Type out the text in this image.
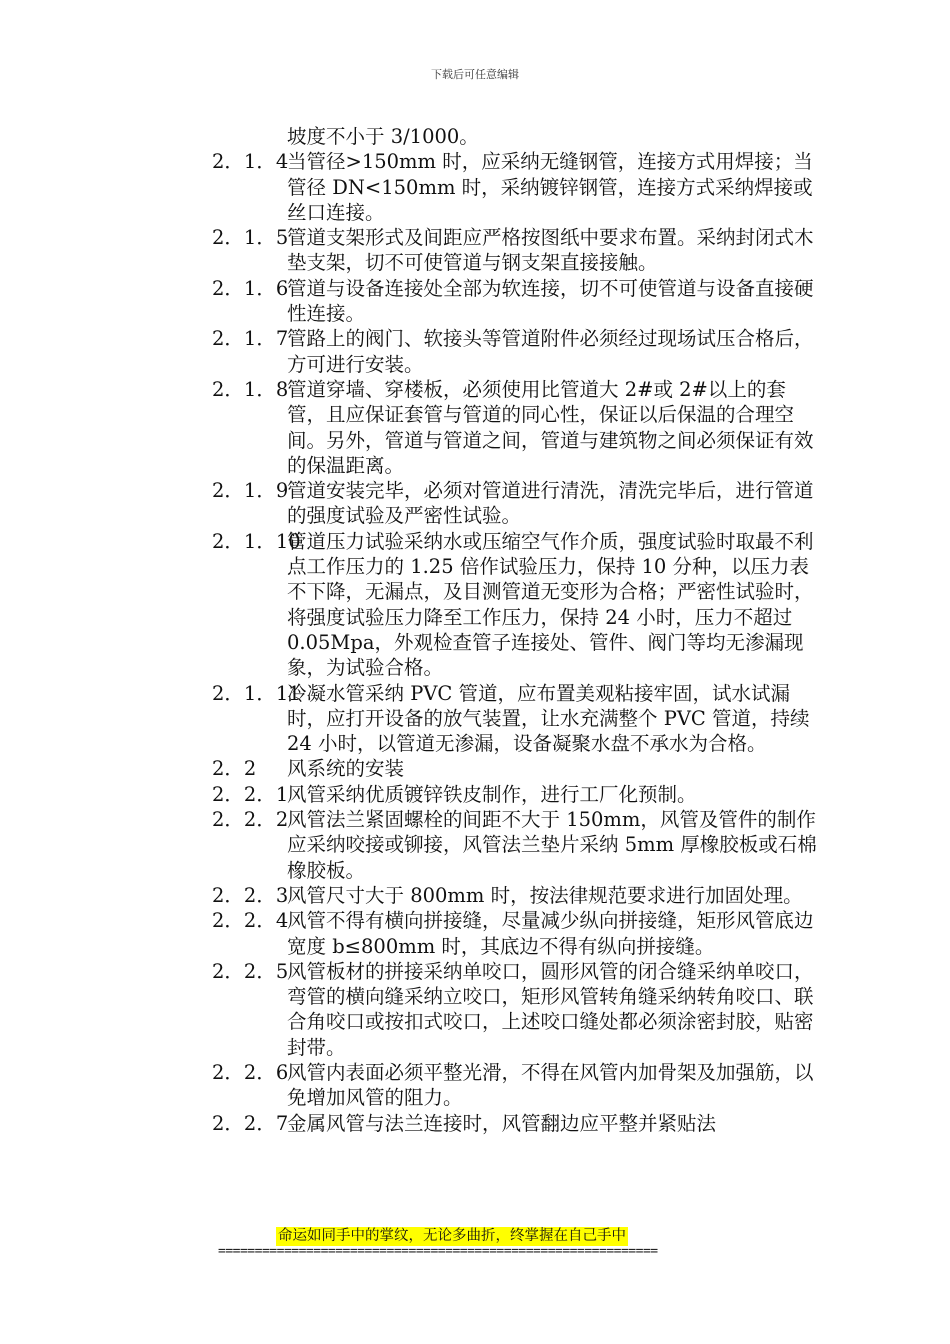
下载后可任意编辑
坡度不小于 3/1000。
2．1．4
当管径>150mm 时，应采纳无缝钢管，连接方式用焊接；当管径 DN<150mm 时，采纳镀锌钢管，连接方式采纳焊接或丝口连接。
2．1．5
管道支架形式及间距应严格按图纸中要求布置。采纳封闭式木垫支架，切不可使管道与钢支架直接接触。
2．1．6
管道与设备连接处全部为软连接，切不可使管道与设备直接硬性连接。
2．1．7
管路上的阀门、软接头等管道附件必须经过现场试压合格后，方可进行安装。
2．1．8
管道穿墙、穿楼板，必须使用比管道大 2#或 2#以上的套管，且应保证套管与管道的同心性，保证以后保温的合理空间。另外，管道与管道之间，管道与建筑物之间必须保证有效的保温距离。
2．1．9
管道安装完毕，必须对管道进行清洗，清洗完毕后，进行管道的强度试验及严密性试验。
2．1．10
管道压力试验采纳水或压缩空气作介质，强度试验时取最不利点工作压力的 1.25 倍作试验压力，保持 10 分种，以压力表不下降，无漏点，及目测管道无变形为合格；严密性试验时，将强度试验压力降至工作压力，保持 24 小时，压力不超过 0.05Mpa，外观检查管子连接处、管件、阀门等均无渗漏现象，为试验合格。
2．1．11
冷凝水管采纳 PVC 管道，应布置美观粘接牢固，试水试漏时，应打开设备的放气装置，让水充满整个 PVC 管道，持续 24 小时，以管道无渗漏，设备凝聚水盘不承水为合格。
2．2	风系统的安装
2．2．1
风管采纳优质镀锌铁皮制作，进行工厂化预制。
2．2．2
风管法兰紧固螺栓的间距不大于 150mm，风管及管件的制作应采纳咬接或铆接，风管法兰垫片采纳 5mm 厚橡胶板或石棉橡胶板。
2．2．3
风管尺寸大于 800mm 时，按法律规范要求进行加固处理。
2．2．4
风管不得有横向拼接缝，尽量减少纵向拼接缝，矩形风管底边宽度 b≤800mm 时，其底边不得有纵向拼接缝。
2．2．5
风管板材的拼接采纳单咬口，圆形风管的闭合缝采纳单咬口，弯管的横向缝采纳立咬口，矩形风管转角缝采纳转角咬口、联合角咬口或按扣式咬口，上述咬口缝处都必须涂密封胶，贴密封带。
2．2．6
风管内表面必须平整光滑，不得在风管内加骨架及加强筋，以免增加风管的阻力。
2．2．7
金属风管与法兰连接时，风管翻边应平整并紧贴法
命运如同手中的掌纹，无论多曲折，终掌握在自己手中
============================================================
